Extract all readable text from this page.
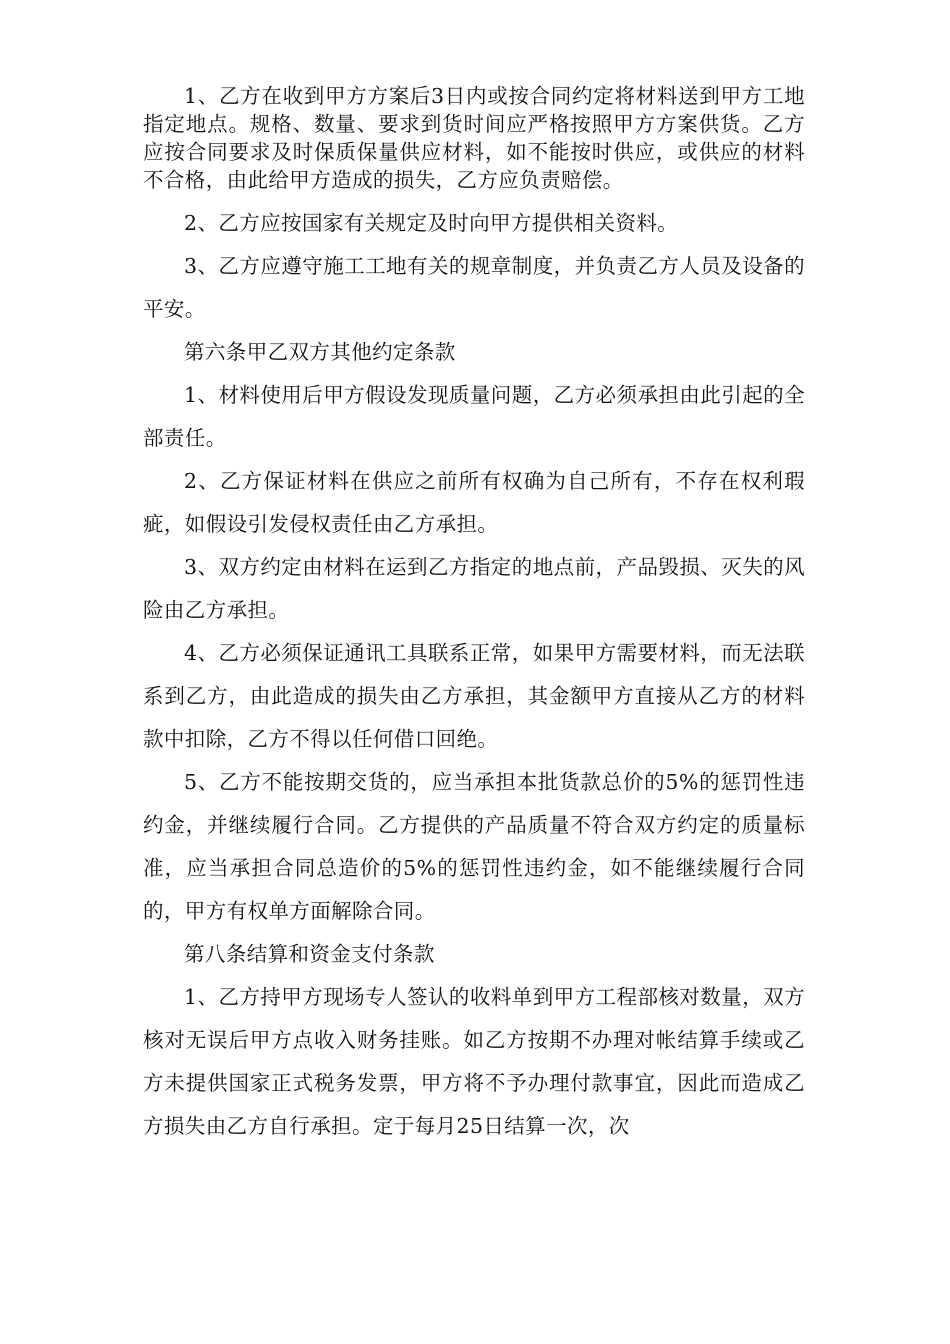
1、乙方在收到甲方方案后3日内或按合同约定将材料送到甲方工地指定地点。规格、数量、要求到货时间应严格按照甲方方案供货。乙方应按合同要求及时保质保量供应材料，如不能按时供应，或供应的材料不合格，由此给甲方造成的损失，乙方应负责赔偿。

2、乙方应按国家有关规定及时向甲方提供相关资料。

3、乙方应遵守施工工地有关的规章制度，并负责乙方人员及设备的平安。

第六条甲乙双方其他约定条款

1、材料使用后甲方假设发现质量问题，乙方必须承担由此引起的全部责任。

2、乙方保证材料在供应之前所有权确为自己所有，不存在权利瑕疵，如假设引发侵权责任由乙方承担。

3、双方约定由材料在运到乙方指定的地点前，产品毁损、灭失的风险由乙方承担。

4、乙方必须保证通讯工具联系正常，如果甲方需要材料，而无法联系到乙方，由此造成的损失由乙方承担，其金额甲方直接从乙方的材料款中扣除，乙方不得以任何借口回绝。

5、乙方不能按期交货的，应当承担本批货款总价的5%的惩罚性违约金，并继续履行合同。乙方提供的产品质量不符合双方约定的质量标准，应当承担合同总造价的5%的惩罚性违约金，如不能继续履行合同的，甲方有权单方面解除合同。

第八条结算和资金支付条款

1、乙方持甲方现场专人签认的收料单到甲方工程部核对数量，双方核对无误后甲方点收入财务挂账。如乙方按期不办理对帐结算手续或乙方未提供国家正式税务发票，甲方将不予办理付款事宜，因此而造成乙方损失由乙方自行承担。定于每月25日结算一次，次
